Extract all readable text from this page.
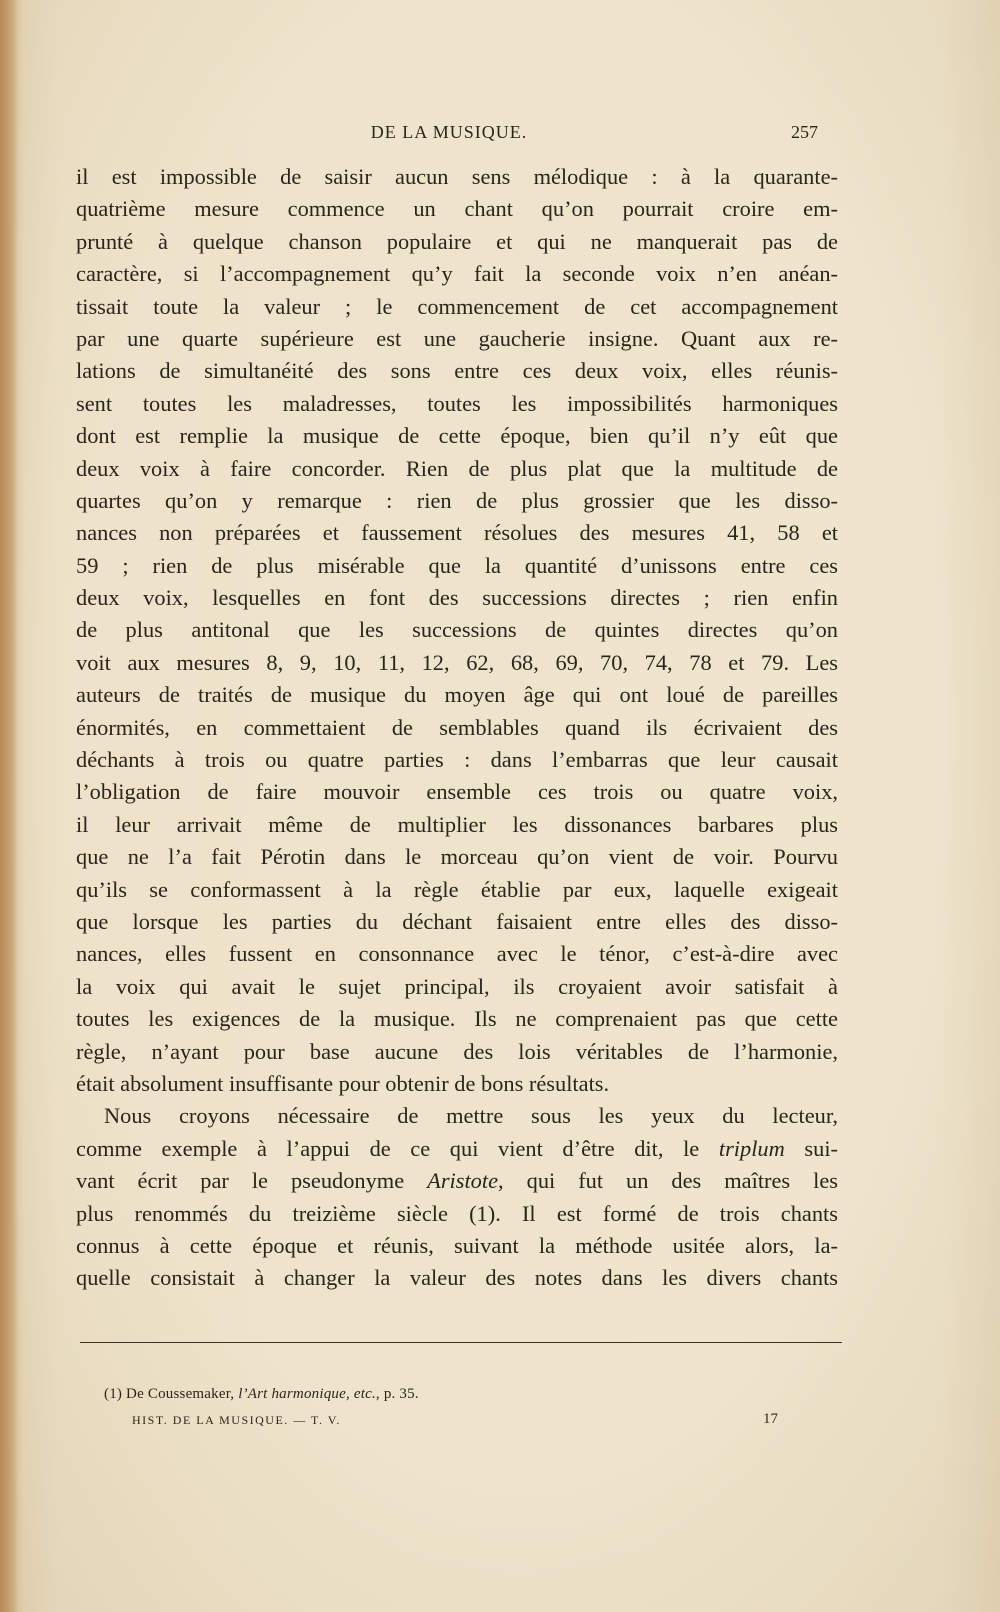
DE LA MUSIQUE.	257
il est impossible de saisir aucun sens mélodique : à la quarante-
quatrième mesure commence un chant qu’on pourrait croire em-
prunté à quelque chanson populaire et qui ne manquerait pas de
caractère, si l’accompagnement qu’y fait la seconde voix n’en anéan-
tissait toute la valeur ; le commencement de cet accompagnement
par une quarte supérieure est une gaucherie insigne. Quant aux re-
lations de simultanéité des sons entre ces deux voix, elles réunis-
sent toutes les maladresses, toutes les impossibilités harmoniques
dont est remplie la musique de cette époque, bien qu’il n’y eût que
deux voix à faire concorder. Rien de plus plat que la multitude de
quartes qu’on y remarque : rien de plus grossier que les disso-
nances non préparées et faussement résolues des mesures 41, 58 et
59 ; rien de plus misérable que la quantité d’unissons entre ces
deux voix, lesquelles en font des successions directes ; rien enfin
de plus antitonal que les successions de quintes directes qu’on
voit aux mesures 8, 9, 10, 11, 12, 62, 68, 69, 70, 74, 78 et 79. Les
auteurs de traités de musique du moyen âge qui ont loué de pareilles
énormités, en commettaient de semblables quand ils écrivaient des
déchants à trois ou quatre parties : dans l’embarras que leur causait
l’obligation de faire mouvoir ensemble ces trois ou quatre voix,
il leur arrivait même de multiplier les dissonances barbares plus
que ne l’a fait Pérotin dans le morceau qu’on vient de voir. Pourvu
qu’ils se conformassent à la règle établie par eux, laquelle exigeait
que lorsque les parties du déchant faisaient entre elles des disso-
nances, elles fussent en consonnance avec le ténor, c’est-à-dire avec
la voix qui avait le sujet principal, ils croyaient avoir satisfait à
toutes les exigences de la musique. Ils ne comprenaient pas que cette
règle, n’ayant pour base aucune des lois véritables de l’harmonie,
était absolument insuffisante pour obtenir de bons résultats.
Nous croyons nécessaire de mettre sous les yeux du lecteur,
comme exemple à l’appui de ce qui vient d’être dit, le triplum sui-
vant écrit par le pseudonyme Aristote, qui fut un des maîtres les
plus renommés du treizième siècle (1). Il est formé de trois chants
connus à cette époque et réunis, suivant la méthode usitée alors, la-
quelle consistait à changer la valeur des notes dans les divers chants
(1) De Coussemaker, l’Art harmonique, etc., p. 35.
HIST. DE LA MUSIQUE. — T. V.	17
